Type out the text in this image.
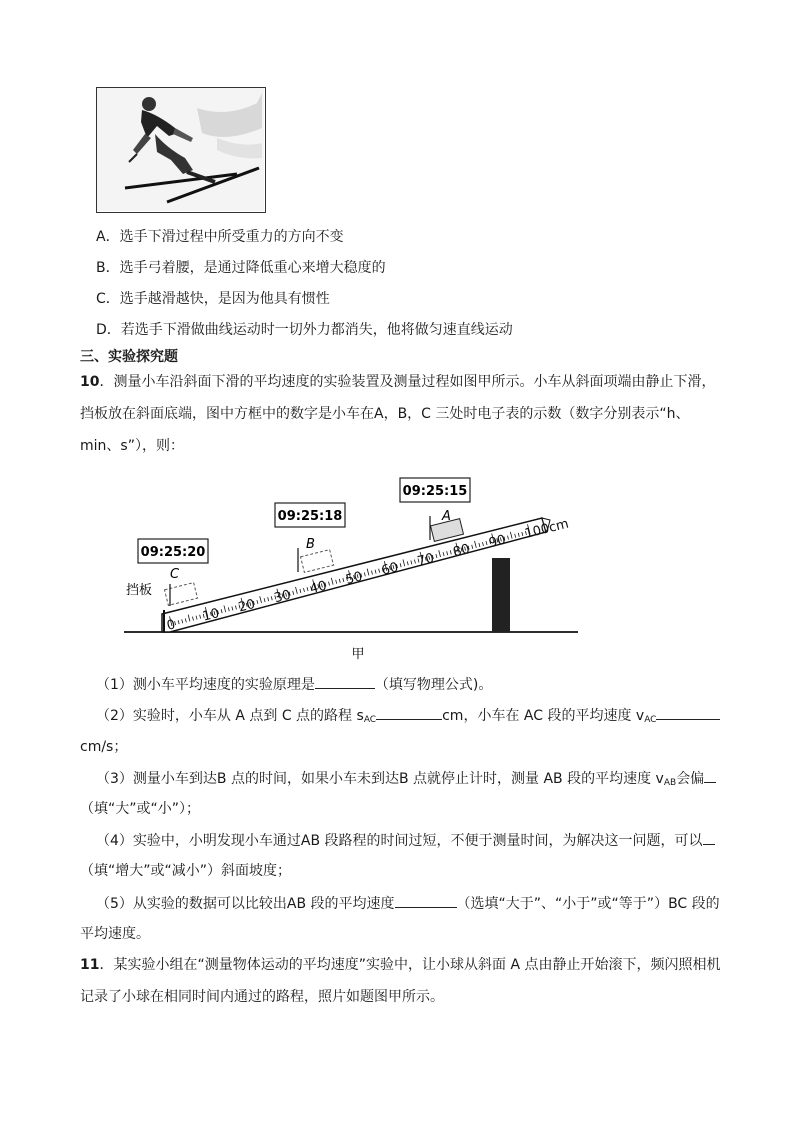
A．选手下滑过程中所受重力的方向不变
B．选手弓着腰，是通过降低重心来增大稳度的
C．选手越滑越快，是因为他具有惯性
D．若选手下滑做曲线运动时一切外力都消失，他将做匀速直线运动
三、实验探究题
10．测量小车沿斜面下滑的平均速度的实验装置及测量过程如图甲所示。小车从斜面项端由静止下滑，
挡板放在斜面底端，图中方框中的数字是小车在A，B，C 三处时电子表的示数（数字分别表示“h、
min、s”），则：
0
10 20 30 40 50 60 70 80 90 100cm
09:25:20
09:25:18
09:25:15
C
B
A
挡板
甲
（1）测小车平均速度的实验原理是	（填写物理公式)。
（2）实验时，小车从 A 点到 C 点的路程 $s_{AC}$	cm，小车在 AC 段的平均速度 $v_{AC}$
cm/s；
（3）测量小车到达B 点的时间，如果小车未到达B 点就停止计时，测量 AB 段的平均速度 $v_{AB}$会偏
（填“大”或“小”）；
（4）实验中，小明发现小车通过AB 段路程的时间过短，不便于测量时间，为解决这一问题，可以
（填“增大”或“减小”）斜面坡度；
（5）从实验的数据可以比较出AB 段的平均速度	（选填“大于”、“小于”或“等于”）BC 段的
平均速度。
11．某实验小组在“测量物体运动的平均速度”实验中，让小球从斜面 A 点由静止开始滚下，频闪照相机
记录了小球在相同时间内通过的路程，照片如题图甲所示。
